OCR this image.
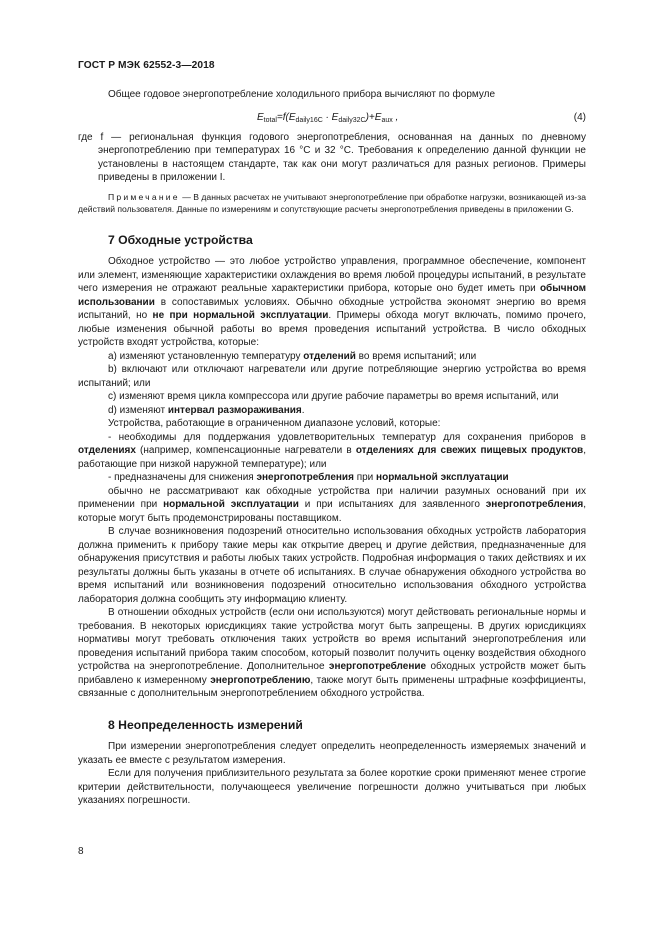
ГОСТ Р МЭК 62552-3—2018

Общее годовое энергопотребление холодильного прибора вычисляют по формуле

$E_{total}=f(E_{daily16C} \cdot E_{daily32C})+E_{aux}$ ,	(4)

где f — региональная функция годового энергопотребления, основанная на данных по дневному энергопотреблению при температурах 16 °C и 32 °C. Требования к определению данной функции не установлены в настоящем стандарте, так как они могут различаться для разных регионов. Примеры приведены в приложении I.

Примечание — В данных расчетах не учитывают энергопотребление при обработке нагрузки, возникающей из-за действий пользователя. Данные по измерениям и сопутствующие расчеты энергопотребления приведены в приложении G.

7 Обходные устройства

Обходное устройство — это любое устройство управления, программное обеспечение, компонент или элемент, изменяющие характеристики охлаждения во время любой процедуры испытаний, в результате чего измерения не отражают реальные характеристики прибора, которые оно будет иметь при обычном использовании в сопоставимых условиях. Обычно обходные устройства экономят энергию во время испытаний, но не при нормальной эксплуатации. Примеры обхода могут включать, помимо прочего, любые изменения обычной работы во время проведения испытаний устройства. В число обходных устройств входят устройства, которые:

a) изменяют установленную температуру отделений во время испытаний; или

b) включают или отключают нагреватели или другие потребляющие энергию устройства во время испытаний; или

c) изменяют время цикла компрессора или другие рабочие параметры во время испытаний, или

d) изменяют интервал размораживания.

Устройства, работающие в ограниченном диапазоне условий, которые:

- необходимы для поддержания удовлетворительных температур для сохранения приборов в отделениях (например, компенсационные нагреватели в отделениях для свежих пищевых продуктов, работающие при низкой наружной температуре); или

- предназначены для снижения энергопотребления при нормальной эксплуатации

обычно не рассматривают как обходные устройства при наличии разумных оснований при их применении при нормальной эксплуатации и при испытаниях для заявленного энергопотребления, которые могут быть продемонстрированы поставщиком.

В случае возникновения подозрений относительно использования обходных устройств лаборатория должна применить к прибору такие меры как открытие дверец и другие действия, предназначенные для обнаружения присутствия и работы любых таких устройств. Подробная информация о таких действиях и их результаты должны быть указаны в отчете об испытаниях. В случае обнаружения обходного устройства во время испытаний или возникновения подозрений относительно использования обходного устройства лаборатория должна сообщить эту информацию клиенту.

В отношении обходных устройств (если они используются) могут действовать региональные нормы и требования. В некоторых юрисдикциях такие устройства могут быть запрещены. В других юрисдикциях нормативы могут требовать отключения таких устройств во время испытаний энергопотребления или проведения испытаний прибора таким способом, который позволит получить оценку воздействия обходного устройства на энергопотребление. Дополнительное энергопотребление обходных устройств может быть прибавлено к измеренному энергопотреблению, также могут быть применены штрафные коэффициенты, связанные с дополнительным энергопотреблением обходного устройства.

8 Неопределенность измерений

При измерении энергопотребления следует определить неопределенность измеряемых значений и указать ее вместе с результатом измерения.

Если для получения приблизительного результата за более короткие сроки применяют менее строгие критерии действительности, получающееся увеличение погрешности должно учитываться при любых указаниях погрешности.

8
